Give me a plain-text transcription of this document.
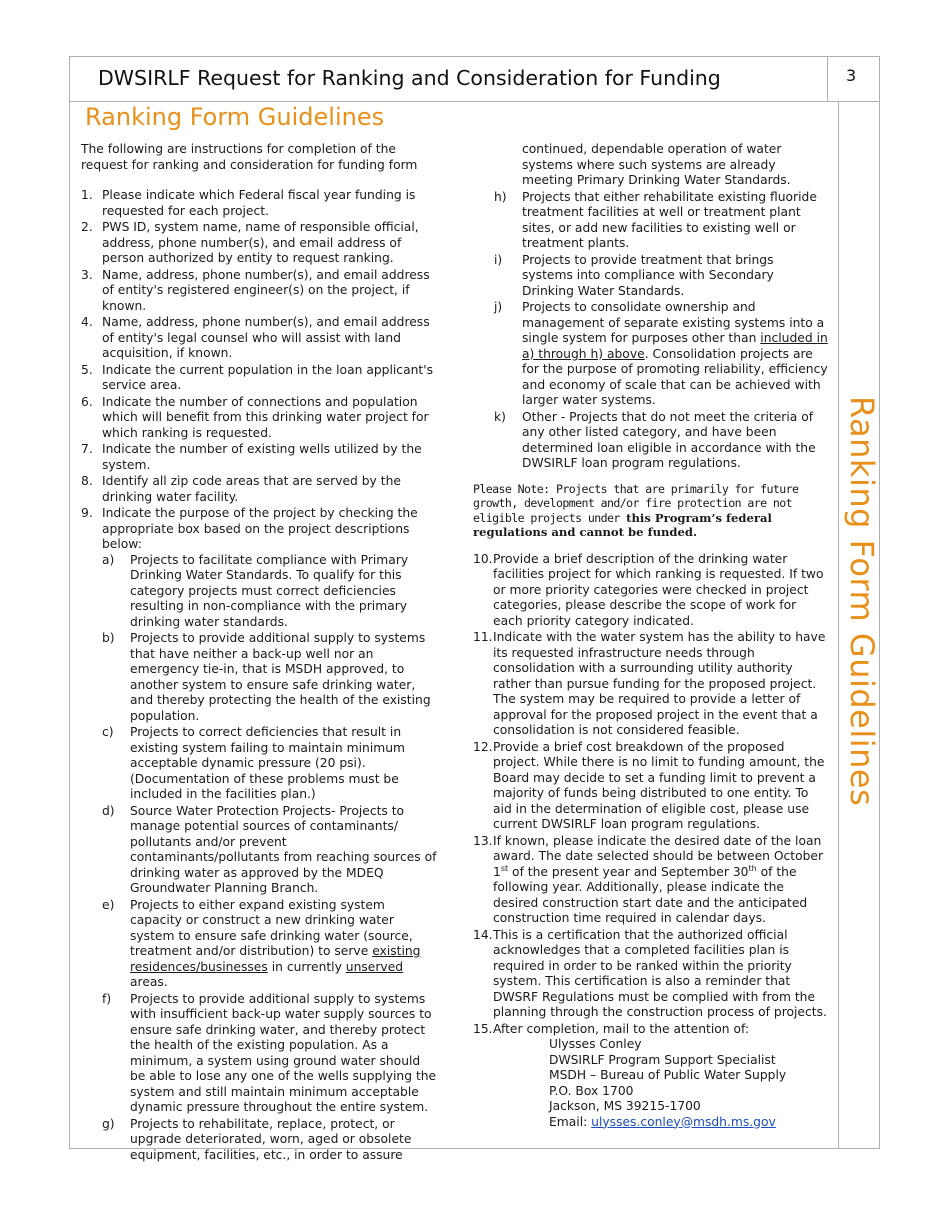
DWSIRLF Request for Ranking and Consideration for Funding	3
Ranking Form Guidelines
Ranking Form Guidelines

The following are instructions for completion of the request for ranking and consideration for funding form

1. Please indicate which Federal fiscal year funding is requested for each project.
2. PWS ID, system name, name of responsible official, address, phone number(s), and email address of person authorized by entity to request ranking.
3. Name, address, phone number(s), and email address of entity's registered engineer(s) on the project, if known.
4. Name, address, phone number(s), and email address of entity's legal counsel who will assist with land acquisition, if known.
5. Indicate the current population in the loan applicant's service area.
6. Indicate the number of connections and population which will benefit from this drinking water project for which ranking is requested.
7. Indicate the number of existing wells utilized by the system.
8. Identify all zip code areas that are served by the drinking water facility.
9. Indicate the purpose of the project by checking the appropriate box based on the project descriptions below:
a) Projects to facilitate compliance with Primary Drinking Water Standards. To qualify for this category projects must correct deficiencies resulting in non-compliance with the primary drinking water standards.
b) Projects to provide additional supply to systems that have neither a back-up well nor an emergency tie-in, that is MSDH approved, to another system to ensure safe drinking water, and thereby protecting the health of the existing population.
c) Projects to correct deficiencies that result in existing system failing to maintain minimum acceptable dynamic pressure (20 psi). (Documentation of these problems must be included in the facilities plan.)
d) Source Water Protection Projects- Projects to manage potential sources of contaminants/ pollutants and/or prevent contaminants/pollutants from reaching sources of drinking water as approved by the MDEQ Groundwater Planning Branch.
e) Projects to either expand existing system capacity or construct a new drinking water system to ensure safe drinking water (source, treatment and/or distribution) to serve existing residences/businesses in currently unserved areas.
f) Projects to provide additional supply to systems with insufficient back-up water supply sources to ensure safe drinking water, and thereby protect the health of the existing population. As a minimum, a system using ground water should be able to lose any one of the wells supplying the system and still maintain minimum acceptable dynamic pressure throughout the entire system.
g) Projects to rehabilitate, replace, protect, or upgrade deteriorated, worn, aged or obsolete equipment, facilities, etc., in order to assure

continued, dependable operation of water systems where such systems are already meeting Primary Drinking Water Standards.

h) Projects that either rehabilitate existing fluoride treatment facilities at well or treatment plant sites, or add new facilities to existing well or treatment plants.
i) Projects to provide treatment that brings systems into compliance with Secondary Drinking Water Standards.
j) Projects to consolidate ownership and management of separate existing systems into a single system for purposes other than included in a) through h) above. Consolidation projects are for the purpose of promoting reliability, efficiency and economy of scale that can be achieved with larger water systems.
k) Other - Projects that do not meet the criteria of any other listed category, and have been determined loan eligible in accordance with the DWSIRLF loan program regulations.

Please Note: Projects that are primarily for future growth, development and/or fire protection are not eligible projects under this Program’s federal regulations and cannot be funded.

10. Provide a brief description of the drinking water facilities project for which ranking is requested. If two or more priority categories were checked in project categories, please describe the scope of work for each priority category indicated.
11. Indicate with the water system has the ability to have its requested infrastructure needs through consolidation with a surrounding utility authority rather than pursue funding for the proposed project. The system may be required to provide a letter of approval for the proposed project in the event that a consolidation is not considered feasible.
12. Provide a brief cost breakdown of the proposed project. While there is no limit to funding amount, the Board may decide to set a funding limit to prevent a majority of funds being distributed to one entity. To aid in the determination of eligible cost, please use current DWSIRLF loan program regulations.
13. If known, please indicate the desired date of the loan award. The date selected should be between October 1st of the present year and September 30th of the following year. Additionally, please indicate the desired construction start date and the anticipated construction time required in calendar days.
14. This is a certification that the authorized official acknowledges that a completed facilities plan is required in order to be ranked within the priority system. This certification is also a reminder that DWSRF Regulations must be complied with from the planning through the construction process of projects.
15. After completion, mail to the attention of:
Ulysses Conley
DWSIRLF Program Support Specialist
MSDH – Bureau of Public Water Supply
P.O. Box 1700
Jackson, MS 39215-1700
Email: ulysses.conley@msdh.ms.gov
